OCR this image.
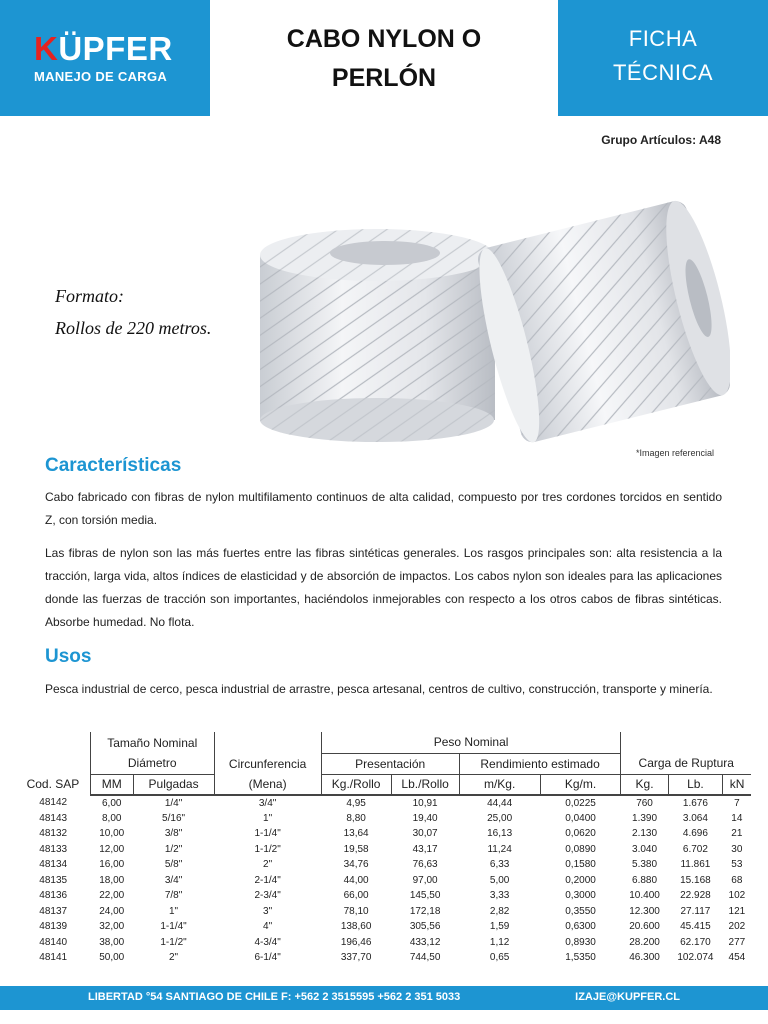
KÜPFER
MANEJO DE CARGA
CABO NYLON O
PERLÓN
FICHA
TÉCNICA
Grupo Artículos: A48
Formato:
Rollos de 220 metros.
*Imagen referencial
Características

Cabo fabricado con fibras de nylon multifilamento continuos de alta calidad, compuesto por tres cordones torcidos en sentido Z, con torsión media.

Las fibras de nylon son las más fuertes entre las fibras sintéticas generales. Los rasgos principales son: alta resistencia a la tracción, larga vida, altos índices de elasticidad y de absorción de impactos. Los cabos nylon son ideales para las aplicaciones donde las fuerzas de tracción son importantes, haciéndolos inmejorables con respecto a los otros cabos de fibras sintéticas. Absorbe humedad. No flota.

Usos

Pesca industrial de cerco, pesca industrial de arrastre, pesca artesanal, centros de cultivo, construcción, transporte y minería.

Cod. SAP	Tamaño Nominal			Peso Nominal						
	Diámetro		Circunferencia	Presentación		Rendimiento estimado		Carga de Ruptura		
	MM	Pulgadas	(Mena)	Kg./Rollo	Lb./Rollo	m/Kg.	Kg/m.	Kg.	Lb.	kN
48142	6,00	1/4"	3/4"	4,95	10,91	44,44	0,0225	760	1.676	7
48143	8,00	5/16"	1"	8,80	19,40	25,00	0,0400	1.390	3.064	14
48132	10,00	3/8"	1-1/4"	13,64	30,07	16,13	0,0620	2.130	4.696	21
48133	12,00	1/2"	1-1/2"	19,58	43,17	11,24	0,0890	3.040	6.702	30
48134	16,00	5/8"	2"	34,76	76,63	6,33	0,1580	5.380	11.861	53
48135	18,00	3/4"	2-1/4"	44,00	97,00	5,00	0,2000	6.880	15.168	68
48136	22,00	7/8"	2-3/4"	66,00	145,50	3,33	0,3000	10.400	22.928	102
48137	24,00	1"	3"	78,10	172,18	2,82	0,3550	12.300	27.117	121
48139	32,00	1-1/4"	4"	138,60	305,56	1,59	0,6300	20.600	45.415	202
48140	38,00	1-1/2"	4-3/4"	196,46	433,12	1,12	0,8930	28.200	62.170	277
48141	50,00	2"	6-1/4"	337,70	744,50	0,65	1,5350	46.300	102.074	454
LIBERTAD °54 SANTIAGO DE CHILE F: +562 2 3515595 +562 2 351 5033	IZAJE@KUPFER.CL
